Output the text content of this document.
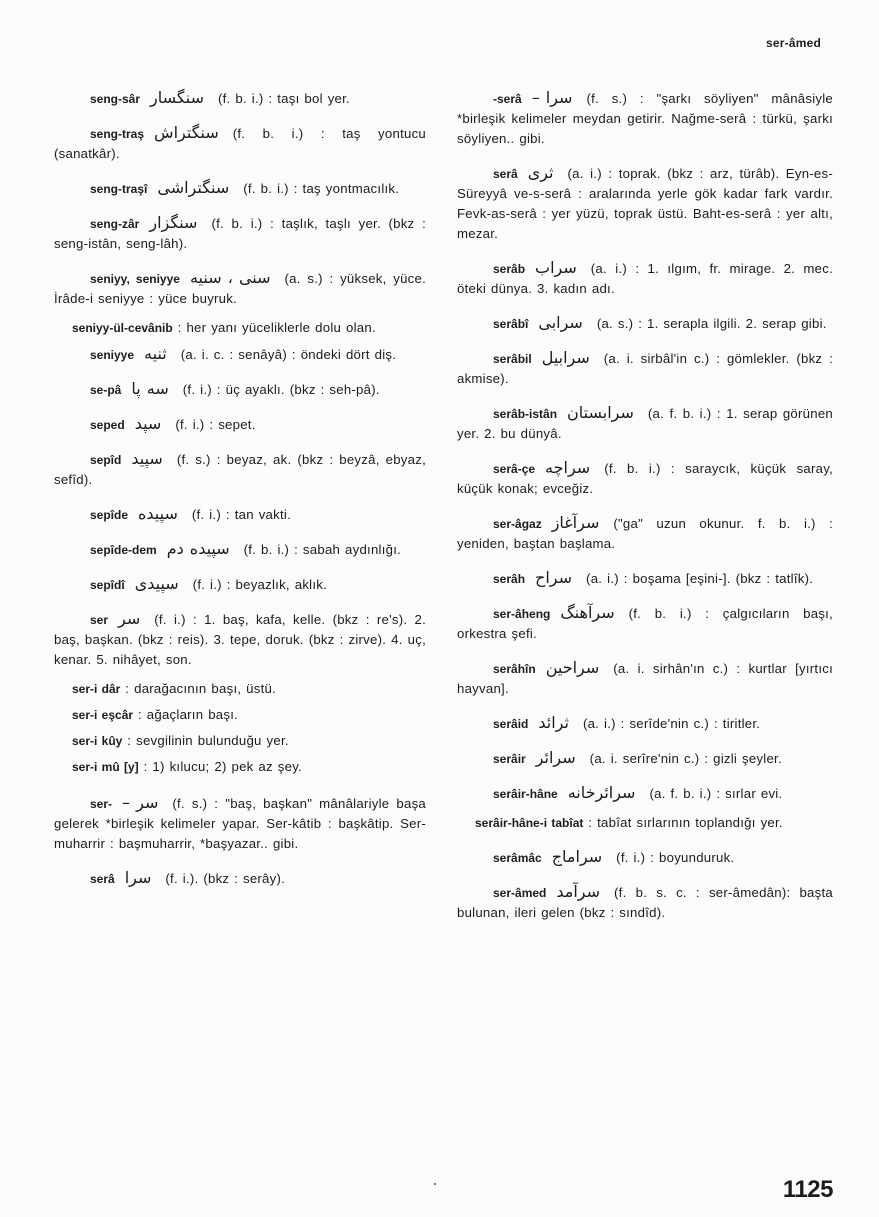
ser-âmed
seng-sâr سنگسار (f. b. i.) : taşı bol yer.
seng-traş سنگتراش (f. b. i.) : taş yontucu (sanatkâr).
seng-traşî سنگتراشی (f. b. i.) : taş yontmacılık.
seng-zâr سنگزار (f. b. i.) : taşlık, taşlı yer. (bkz : seng-istân, seng-lâh).
seniyy, seniyye سنی ، سنیه (a. s.) : yüksek, yüce. İrâde-i seniyye : yüce buyruk.
seniyy-ül-cevânib : her yanı yüceliklerle dolu olan.
seniyye ثنیه (a. i. c. : senâyâ) : öndeki dört diş.
se-pâ سه پا (f. i.) : üç ayaklı. (bkz : seh-pâ).
seped سپد (f. i.) : sepet.
sepîd سپید (f. s.) : beyaz, ak. (bkz : beyzâ, ebyaz, sefîd).
sepîde سپیده (f. i.) : tan vakti.
sepîde-dem سپیده دم (f. b. i.) : sabah aydınlığı.
sepîdî سپیدی (f. i.) : beyazlık, aklık.
ser سر (f. i.) : 1. baş, kafa, kelle. (bkz : re's). 2. baş, başkan. (bkz : reis). 3. tepe, doruk. (bkz : zirve). 4. uç, kenar. 5. nihâyet, son.
ser-i dâr : darağacının başı, üstü.
ser-i eşcâr : ağaçların başı.
ser-i kûy : sevgilinin bulunduğu yer.
ser-i mû [y] : 1) kılucu; 2) pek az şey.
ser- – سر (f. s.) : "baş, başkan" mânâlariyle başa gelerek *birleşik kelimeler yapar. Ser-kâtib : başkâtip. Ser-muharrir : başmuharrir, *başyazar.. gibi.
serâ سرا (f. i.). (bkz : serây).
-serâ – سرا (f. s.) : "şarkı söyliyen" mânâsiyle *birleşik kelimeler meydan getirir. Nağme-serâ : türkü, şarkı söyliyen.. gibi.
serâ ثری (a. i.) : toprak. (bkz : arz, türâb). Eyn-es- Süreyyâ ve-s-serâ : aralarında yerle gök kadar fark vardır. Fevk-as-serâ : yer yüzü, toprak üstü. Baht-es-serâ : yer altı, mezar.
serâb سراب (a. i.) : 1. ılgım, fr. mirage. 2. mec. öteki dünya. 3. kadın adı.
serâbî سرابی (a. s.) : 1. serapla ilgili. 2. serap gibi.
serâbil سرابیل (a. i. sirbâl'in c.) : gömlekler. (bkz : akmise).
serâb-istân سرابستان (a. f. b. i.) : 1. serap görünen yer. 2. bu dünyâ.
serâ-çe سراچه (f. b. i.) : saraycık, küçük saray, küçük konak; evceğiz.
ser-âgaz سرآغاز ("ga" uzun okunur. f. b. i.) : yeniden, baştan başlama.
serâh سراح (a. i.) : boşama [eşini-]. (bkz : tatlîk).
ser-âheng سرآهنگ (f. b. i.) : çalgıcıların başı, orkestra şefi.
serâhîn سراحین (a. i. sirhân'ın c.) : kurtlar [yırtıcı hayvan].
serâid ثرائد (a. i.) : serîde'nin c.) : tiritler.
serâir سرائر (a. i. serîre'nin c.) : gizli şeyler.
serâir-hâne سرائرخانه (a. f. b. i.) : sırlar evi.
serâir-hâne-i tabîat : tabîat sırlarının toplandığı yer.
serâmâc سراماج (f. i.) : boyunduruk.
ser-âmed سرآمد (f. b. s. c. : ser-âmedân): başta bulunan, ileri gelen (bkz : sındîd).
1125
